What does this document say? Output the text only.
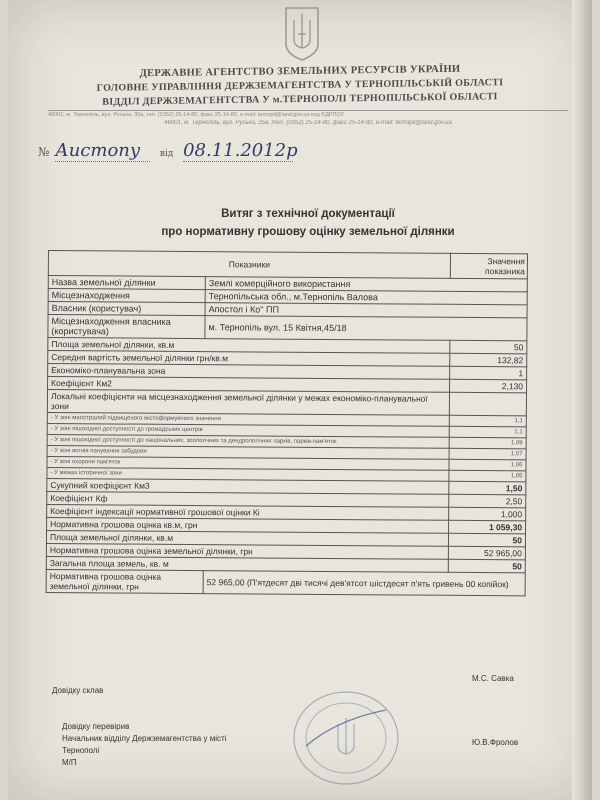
ДЕРЖАВНЕ АГЕНТСТВО ЗЕМЕЛЬНИХ РЕСУРСІВ УКРАЇНИ
ГОЛОВНЕ УПРАВЛІННЯ ДЕРЖЗЕМАГЕНТСТВА У ТЕРНОПІЛЬСЬКІЙ ОБЛАСТІ
ВІДДІЛ ДЕРЖЗЕМАГЕНТСТВА У м.ТЕРНОПОЛІ ТЕРНОПІЛЬСЬКОЇ ОБЛАСТІ
46001, м. Тернопіль, вул. Руська, 35а, тел. (0352) 25-14-80, факс 25-14-80, e-mail: ternopil@land.gov.ua код ЄДРПОУ
46001, м. Тернопіль, вул. Руська, 35а, тел. (0352) 25-14-80, факс 25-14-80, e-mail: ternopil@land.gov.ua
№ Аистопу від 08.11.2012р
Витяг з технічної документації
про нормативну грошову оцінку земельної ділянки
Показники		Значення показника
Назва земельної ділянки	Землі комерційного використання	
Місцезнаходження	Тернопільська обл., м.Тернопіль Валова	
Власник (користувач)	Апостол і Ко" ПП	
Місцезнаходження власника (користувача)	м. Тернопіль вул. 15 Квітня,45/18	
Площа земельної ділянки, кв.м		50
Середня вартість земельної ділянки грн/кв.м		132,82
Економіко-планувальна зона		1
Коефіцієнт Км2		2,130
Локальні коефіцієнти на місцезнаходження земельної ділянки у межах економіко-планувальної зони		
- У зоні магістралей підвищеного містоформуючого значення		1,1
- У зоні пішохідної доступності до громадських центрів		1,1
- У зоні пішохідної доступності до національних, зоологічних та дендрологічних парків, парків-пам'яток		1,09
- У зоні вогнів панування забудови		1,07
- У зоні охорони пам'яток		1,06
- У межах історичної зони		1,05
Сукупний коефіцієнт Км3		1,50
Коефіцієнт Кф		2,50
Коефіцієнт індексації нормативної грошової оцінки Кі		1,000
Нормативна грошова оцінка кв.м, грн		1 059,30
Площа земельної ділянки, кв.м		50
Нормативна грошова оцінка земельної ділянки, грн		52 965,00
Загальна площа земель, кв. м		50
Нормативна грошова оцінка земельної ділянки, грн	52 965,00 (П'ятдесят дві тисячі дев'ятсот шістдесят п'ять гривень 00 копійок)	
Довідку склав
М.С. Савка
Довідку перевірив
Начальник відділу Держземагентства у місті
Тернополі
М/П
Ю.В.Фролов
